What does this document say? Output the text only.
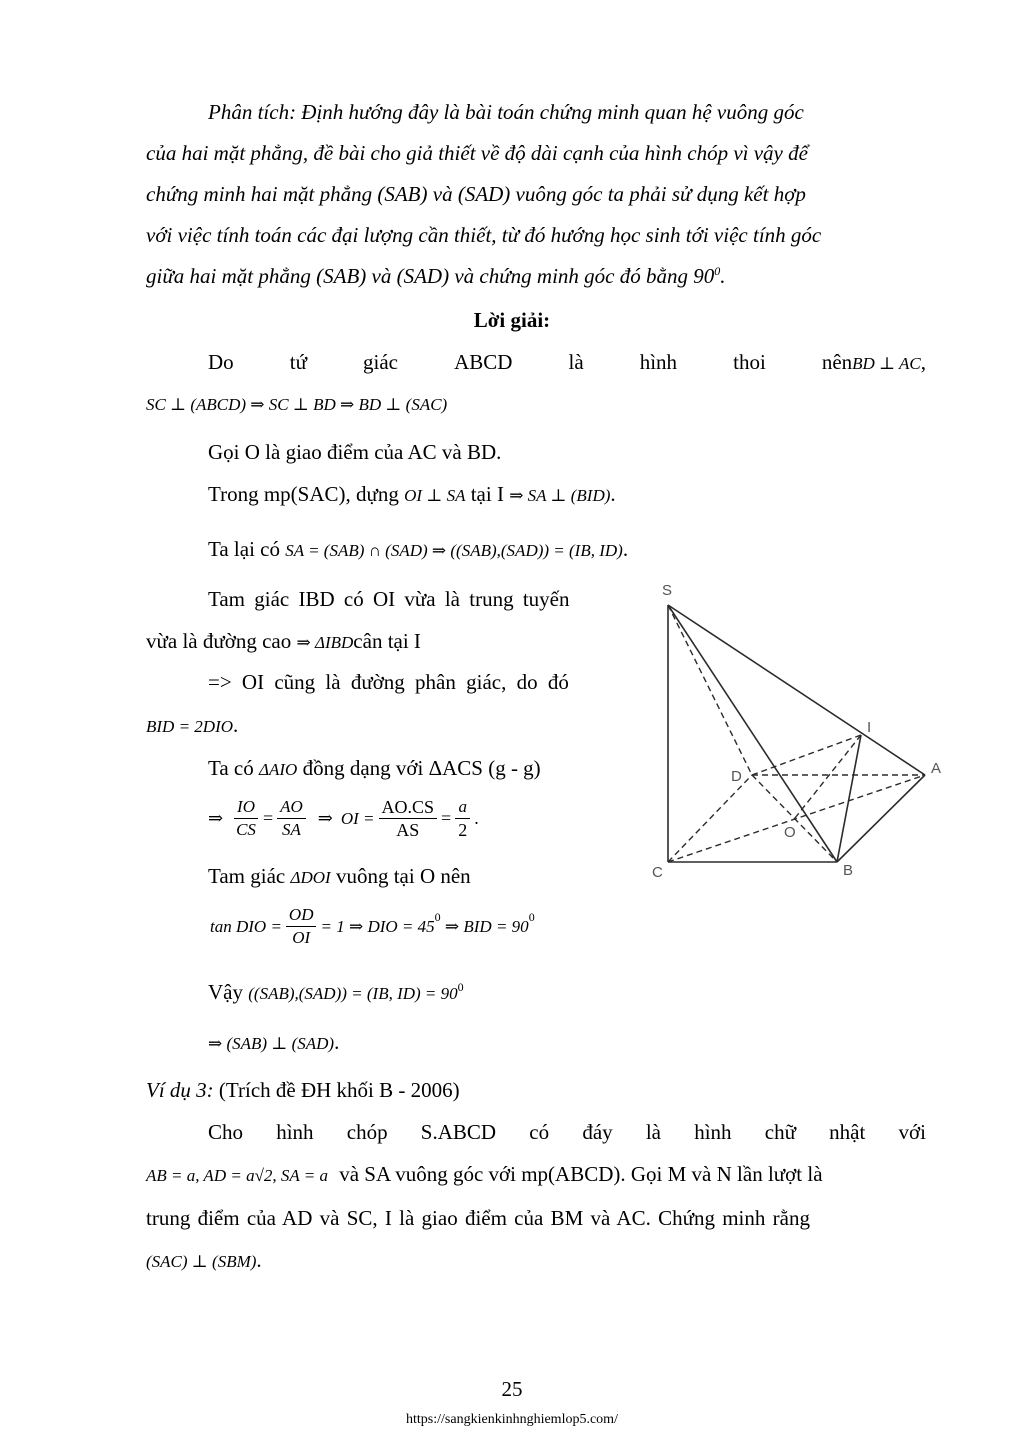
Phân tích: Định hướng đây là bài toán chứng minh quan hệ vuông góc
của hai mặt phẳng, đề bài cho giả thiết về độ dài cạnh của hình chóp vì vậy để
chứng minh hai mặt phẳng (SAB) và (SAD) vuông góc ta phải sử dụng kết hợp
với việc tính toán các đại lượng cần thiết, từ đó hướng học sinh tới việc tính góc
giữa hai mặt phẳng (SAB) và (SAD) và chứng minh góc đó bằng $90^0$.
Lời giải:
Do	tứ	giác	ABCD	là	hình	thoi	nênBD ⊥ AC,
SC ⊥ (ABCD) ⇒ SC ⊥ BD ⇒ BD ⊥ (SAC)
Gọi O là giao điểm của AC và BD.
Trong mp(SAC), dựng OI ⊥ SA tại I ⇒ SA ⊥ (BID).
Ta lại có SA = (SAB) ∩ (SAD) ⇒ ((SAB),(SAD)) = (IB, ID).
Tam giác IBD có OI vừa là trung tuyến
vừa là đường cao ⇒ ΔIBDcân tại I
=> OI cũng là đường phân giác, do đó
BID = 2DIO.
Ta có ΔAIO đồng dạng với ΔACS (g - g)
⇒ $\frac{IO}{CS} = \frac{AO}{SA}$ ⇒ OI = $\frac{AO.CS}{AS} = \frac{a}{2}$ .
Tam giác ΔDOI vuông tại O nên
tan DIO = $\frac{OD}{OI} = 1$ ⇒ DIO = $45^0$ ⇒ BID = $90^0$
Vậy ((SAB),(SAD)) = (IB, $ID) = 90^0$
⇒ (SAB) ⊥ (SAD).
Ví dụ 3: (Trích đề ĐH khối B - 2006)
Cho hình chóp S.ABCD có đáy là hình chữ nhật với
AB = a, AD = a√2, SA = a và SA vuông góc với mp(ABCD). Gọi M và N lần lượt là
trung điểm của AD và SC, I là giao điểm của BM và AC. Chứng minh rằng
(SAC) ⊥ (SBM).
S
I
A
D
O
C	B
25
https://sangkienkinhnghiemlop5.com/
